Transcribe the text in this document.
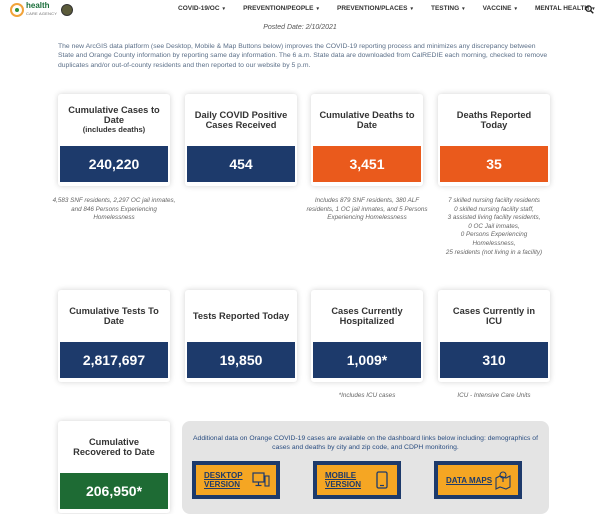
health
CARE AGENCY
COVID-19/OC ▾	PREVENTION/PEOPLE ▾	PREVENTION/PLACES ▾	TESTING ▾	VACCINE ▾	MENTAL HEALTH ▾
Posted Date: 2/10/2021
The new ArcGIS data platform (see Desktop, Mobile & Map Buttons below) improves the COVID-19 reporting process and minimizes any discrepancy between State and Orange County information by reporting same day information. The 6 a.m. State data are downloaded from CalREDIE each morning, checked to remove duplicates and/or out-of-county residents and then reported to our website by 5 p.m.
Cumulative Cases to Date
(includes deaths)
240,220
4,583 SNF residents, 2,297 OC jail inmates, and 846 Persons Experiencing Homelessness
Daily COVID Positive Cases Received
454
Cumulative Deaths to Date
3,451
Includes 879 SNF residents, 380 ALF residents, 1 OC jail inmates, and 5 Persons Experiencing Homelessness
Deaths Reported Today
35
7 skilled nursing facility residents
0 skilled nursing facility staff,
3 assisted living facility residents,
0 OC Jail inmates,
0 Persons Experiencing
Homelessness,
25 residents (not living in a facility)
Cumulative Tests To Date
2,817,697
Tests Reported Today
19,850
Cases Currently Hospitalized
1,009*
*Includes ICU cases
Cases Currently in ICU
310
ICU - Intensive Care Units
Cumulative Recovered to Date
206,950*
Additional data on Orange COVID-19 cases are available on the dashboard links below including: demographics of cases and deaths by city and zip code, and CDPH monitoring.
DESKTOP
VERSION
MOBILE
VERSION	DATA MAPS
